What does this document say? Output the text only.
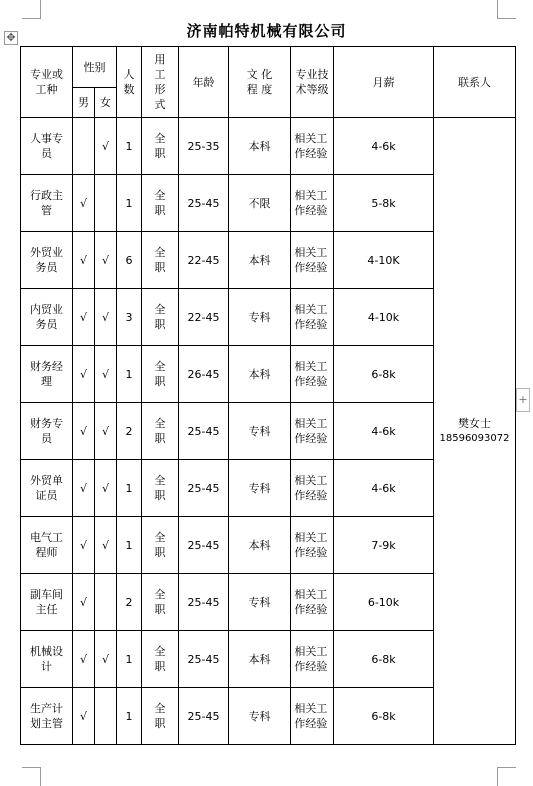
✥
+
济南帕特机械有限公司
专业或工种	性别		人数	用工形式	年龄	文 化 程 度	专业技术等级	月薪	联系人
	男	女							
人事专员		√	1	全职	25-35	本科	相关工作经验	4-6k	樊女士
18596093072

行政主管	√		1	全职	25-45	不限	相关工作经验	5-8k	
外贸业务员	√	√	6	全职	22-45	本科	相关工作经验	4-10K	
内贸业务员	√	√	3	全职	22-45	专科	相关工作经验	4-10k	
财务经理	√	√	1	全职	26-45	本科	相关工作经验	6-8k	
财务专员	√	√	2	全职	25-45	专科	相关工作经验	4-6k	
外贸单证员	√	√	1	全职	25-45	专科	相关工作经验	4-6k	
电气工程师	√	√	1	全职	25-45	本科	相关工作经验	7-9k	
副车间主任	√		2	全职	25-45	专科	相关工作经验	6-10k	
机械设计	√	√	1	全职	25-45	本科	相关工作经验	6-8k	
生产计划主管	√		1	全职	25-45	专科	相关工作经验	6-8k	
